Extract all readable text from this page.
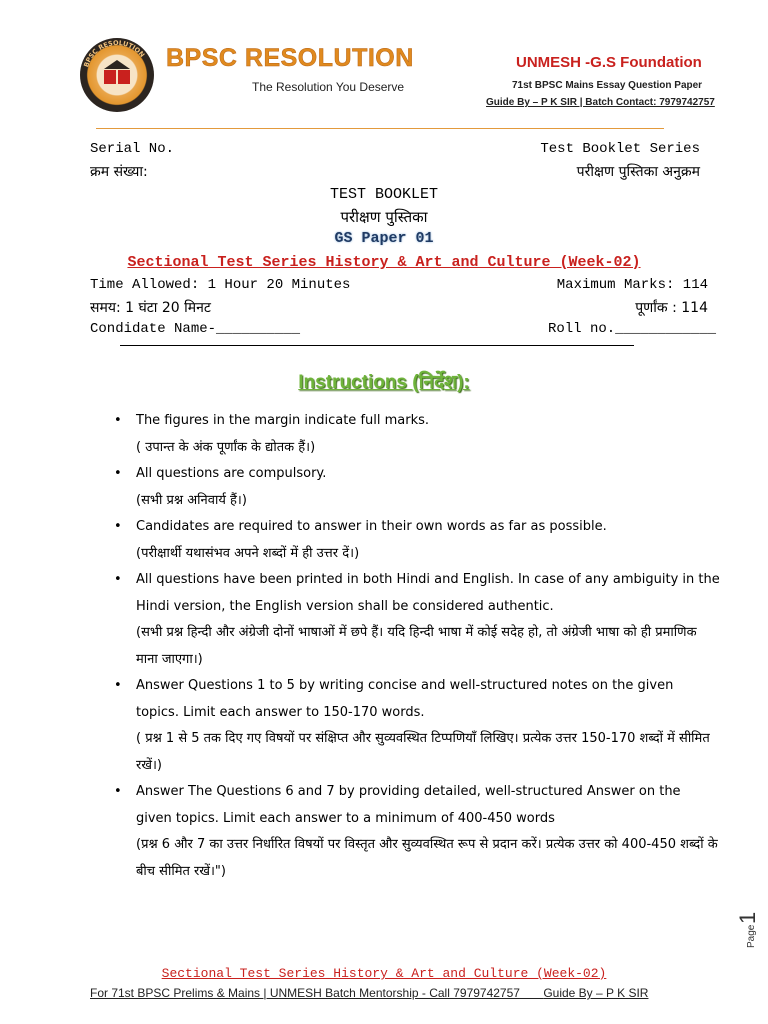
BPSC RESOLUTION BPSC RESOLUTION
The Resolution You Deserve
UNMESH -G.S Foundation
71st BPSC Mains Essay Question Paper
Guide By – P K SIR | Batch Contact: 7979742757
Serial No.
क्रम संख्या:
Test Booklet Series
परीक्षण पुस्तिका अनुक्रम
TEST BOOKLET
परीक्षण पुस्तिका
GS Paper 01
Sectional Test Series History & Art and Culture (Week-02)
Time Allowed: 1 Hour 20 Minutes	Maximum Marks: 114
समय: 1 घंटा 20 मिनट	पूर्णांक : 114
Condidate Name-__________	Roll no.____________
Instructions (निर्देश):
• The figures in the margin indicate full marks.
( उपान्त के अंक पूर्णांक के द्योतक हैं।)
• All questions are compulsory.
(सभी प्रश्न अनिवार्य हैं।)
• Candidates are required to answer in their own words as far as possible.
(परीक्षार्थी यथासंभव अपने शब्दों में ही उत्तर दें।)
• All questions have been printed in both Hindi and English. In case of any ambiguity in the Hindi version, the English version shall be considered authentic.
(सभी प्रश्न हिन्दी और अंग्रेजी दोनों भाषाओं में छपे हैं। यदि हिन्दी भाषा में कोई सदेह हो, तो अंग्रेजी भाषा को ही प्रमाणिक माना जाएगा।)
• Answer Questions 1 to 5 by writing concise and well-structured notes on the given topics. Limit each answer to 150-170 words.
( प्रश्न 1 से 5 तक दिए गए विषयों पर संक्षिप्त और सुव्यवस्थित टिप्पणियाँ लिखिए। प्रत्येक उत्तर 150-170 शब्दों में सीमित रखें।)
• Answer The Questions 6 and 7 by providing detailed, well-structured Answer on the given topics. Limit each answer to a minimum of 400-450 words
(प्रश्न 6 और 7 का उत्तर निर्धारित विषयों पर विस्तृत और सुव्यवस्थित रूप से प्रदान करें। प्रत्येक उत्तर को 400-450 शब्दों के बीच सीमित रखें।")
Page
1
Sectional Test Series History & Art and Culture (Week-02)
For 71st BPSC Prelims & Mains | UNMESH Batch Mentorship - Call 7979742757 Guide By – P K SIR
